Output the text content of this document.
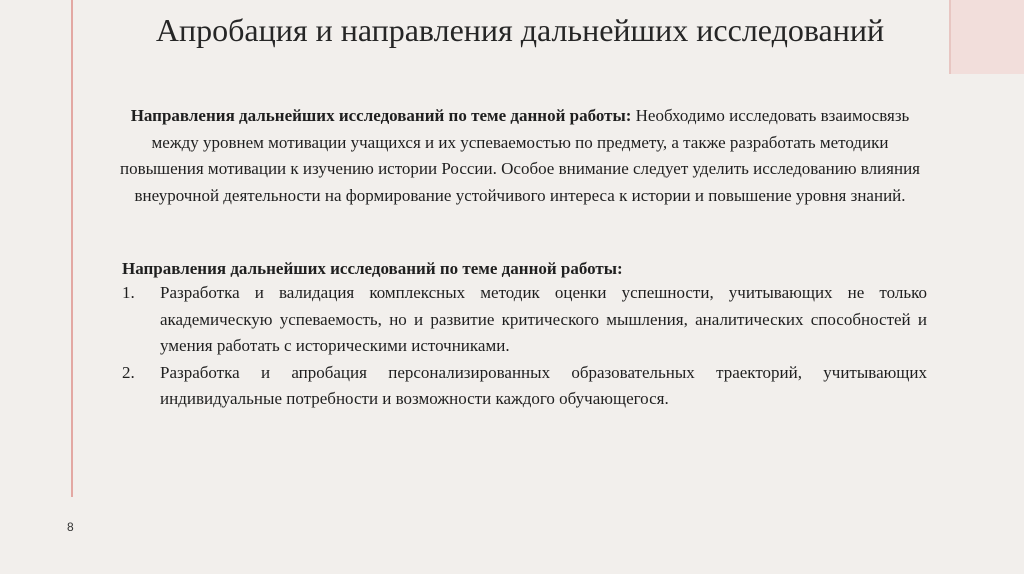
Апробация и направления дальнейших исследований
Направления дальнейших исследований по теме данной работы: Необходимо исследовать взаимосвязь между уровнем мотивации учащихся и их успеваемостью по предмету, а также разработать методики повышения мотивации к изучению истории России. Особое внимание следует уделить исследованию влияния внеурочной деятельности на формирование устойчивого интереса к истории и повышение уровня знаний.
Направления дальнейших исследований по теме данной работы:
1. Разработка и валидация комплексных методик оценки успешности, учитывающих не только академическую успеваемость, но и развитие критического мышления, аналитических способностей и умения работать с историческими источниками.
2. Разработка и апробация персонализированных образовательных траекторий, учитывающих индивидуальные потребности и возможности каждого обучающегося.
8
